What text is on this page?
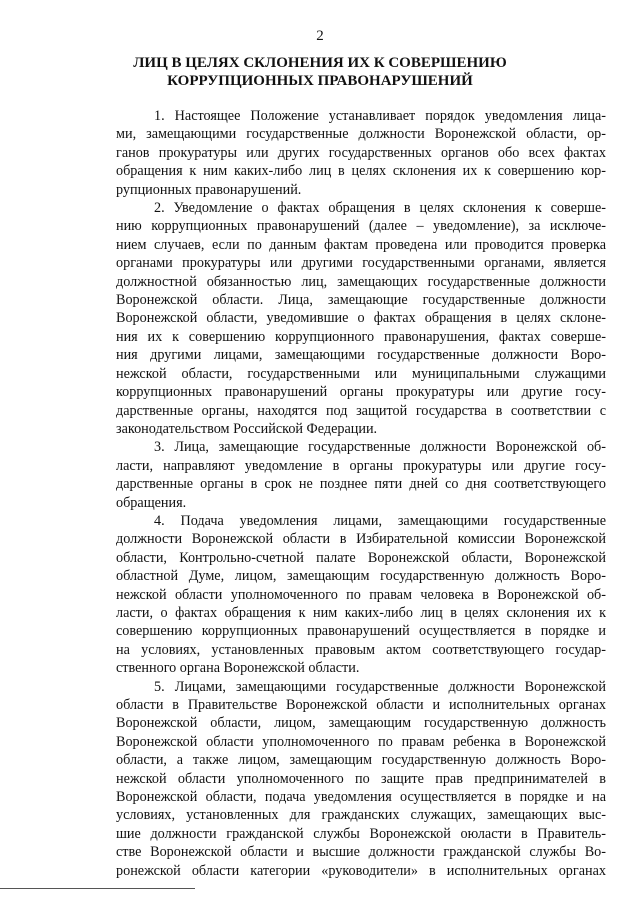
2
ЛИЦ В ЦЕЛЯХ СКЛОНЕНИЯ ИХ К СОВЕРШЕНИЮ
КОРРУПЦИОННЫХ ПРАВОНАРУШЕНИЙ

1. Настоящее Положение устанавливает порядок уведомления лица-
ми, замещающими государственные должности Воронежской области, ор-
ганов прокуратуры или других государственных органов обо всех фактах
обращения к ним каких-либо лиц в целях склонения их к совершению кор-
рупционных правонарушений.

2. Уведомление о фактах обращения в целях склонения к соверше-
нию коррупционных правонарушений (далее – уведомление), за исключе-
нием случаев, если по данным фактам проведена или проводится проверка
органами прокуратуры или другими государственными органами, является
должностной обязанностью лиц, замещающих государственные должности
Воронежской области. Лица, замещающие государственные должности
Воронежской области, уведомившие о фактах обращения в целях склоне-
ния их к совершению коррупционного правонарушения, фактах соверше-
ния другими лицами, замещающими государственные должности Воро-
нежской области, государственными или муниципальными служащими
коррупционных правонарушений органы прокуратуры или другие госу-
дарственные органы, находятся под защитой государства в соответствии с
законодательством Российской Федерации.

3. Лица, замещающие государственные должности Воронежской об-
ласти, направляют уведомление в органы прокуратуры или другие госу-
дарственные органы в срок не позднее пяти дней со дня соответствующего
обращения.

4. Подача уведомления лицами, замещающими государственные
должности Воронежской области в Избирательной комиссии Воронежской
области, Контрольно-счетной палате Воронежской области, Воронежской
областной Думе, лицом, замещающим государственную должность Воро-
нежской области уполномоченного по правам человека в Воронежской об-
ласти, о фактах обращения к ним каких-либо лиц в целях склонения их к
совершению коррупционных правонарушений осуществляется в порядке и
на условиях, установленных правовым актом соответствующего государ-
ственного органа Воронежской области.

5. Лицами, замещающими государственные должности Воронежской
области в Правительстве Воронежской области и исполнительных органах
Воронежской области, лицом, замещающим государственную должность
Воронежской области уполномоченного по правам ребенка в Воронежской
области, а также лицом, замещающим государственную должность Воро-
нежской области уполномоченного по защите прав предпринимателей в
Воронежской области, подача уведомления осуществляется в порядке и на
условиях, установленных для гражданских служащих, замещающих выс-
шие должности гражданской службы Воронежской оюласти в Правитель-
стве Воронежской области и высшие должности гражданской службы Во-
ронежской области категории «руководители» в исполнительных органах
